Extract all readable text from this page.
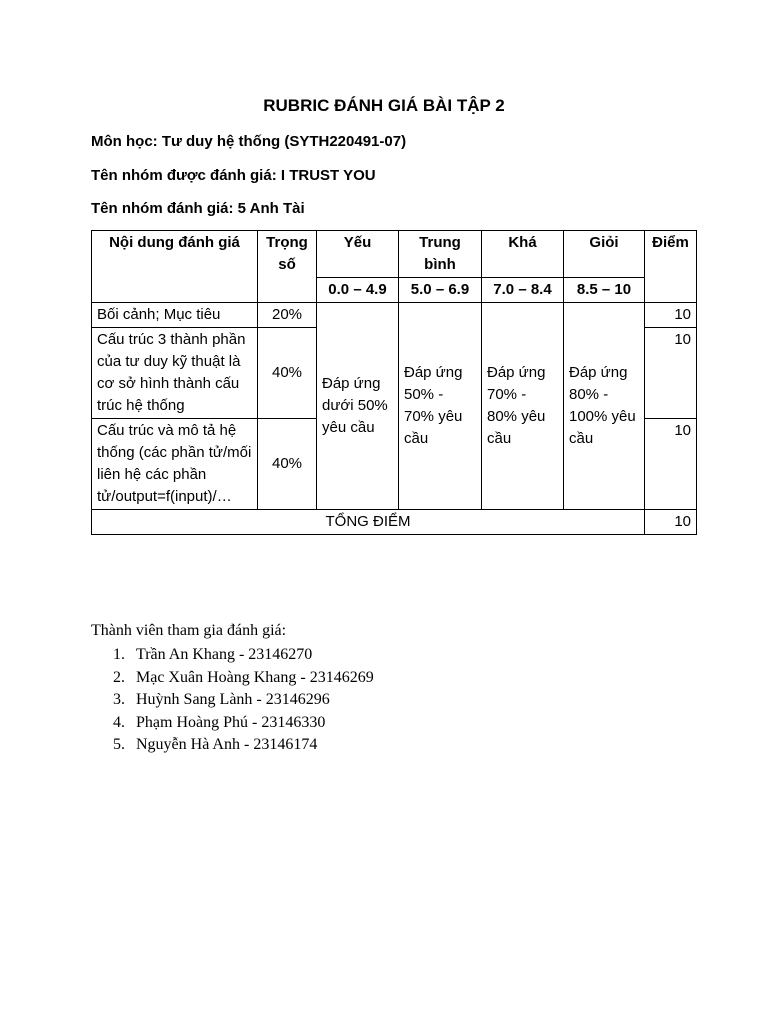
RUBRIC ĐÁNH GIÁ BÀI TẬP 2
Môn học: Tư duy hệ thống (SYTH220491-07)
Tên nhóm được đánh giá: I TRUST YOU
Tên nhóm đánh giá: 5 Anh Tài
Nội dung đánh giá	Trọng số	Yếu	Trung bình	Khá	Giỏi	Điểm
		0.0 – 4.9	5.0 – 6.9	7.0 – 8.4	8.5 – 10	
Bối cảnh; Mục tiêu	20%	Đáp ứng dưới 50% yêu cầu	Đáp ứng 50% - 70% yêu cầu	Đáp ứng 70% - 80% yêu cầu	Đáp ứng 80% - 100% yêu cầu	10
Cấu trúc 3 thành phần của tư duy kỹ thuật là cơ sở hình thành cấu trúc hệ thống	40%					10
Cấu trúc và mô tả hệ thống (các phần tử/mối liên hệ các phần tử/output=f(input)/…	40%					10
TỔNG ĐIỂM						10
Thành viên tham gia đánh giá:
1. Trần An Khang - 23146270
2. Mạc Xuân Hoàng Khang - 23146269
3. Huỳnh Sang Lành - 23146296
4. Phạm Hoàng Phú - 23146330
5. Nguyễn Hà Anh - 23146174
